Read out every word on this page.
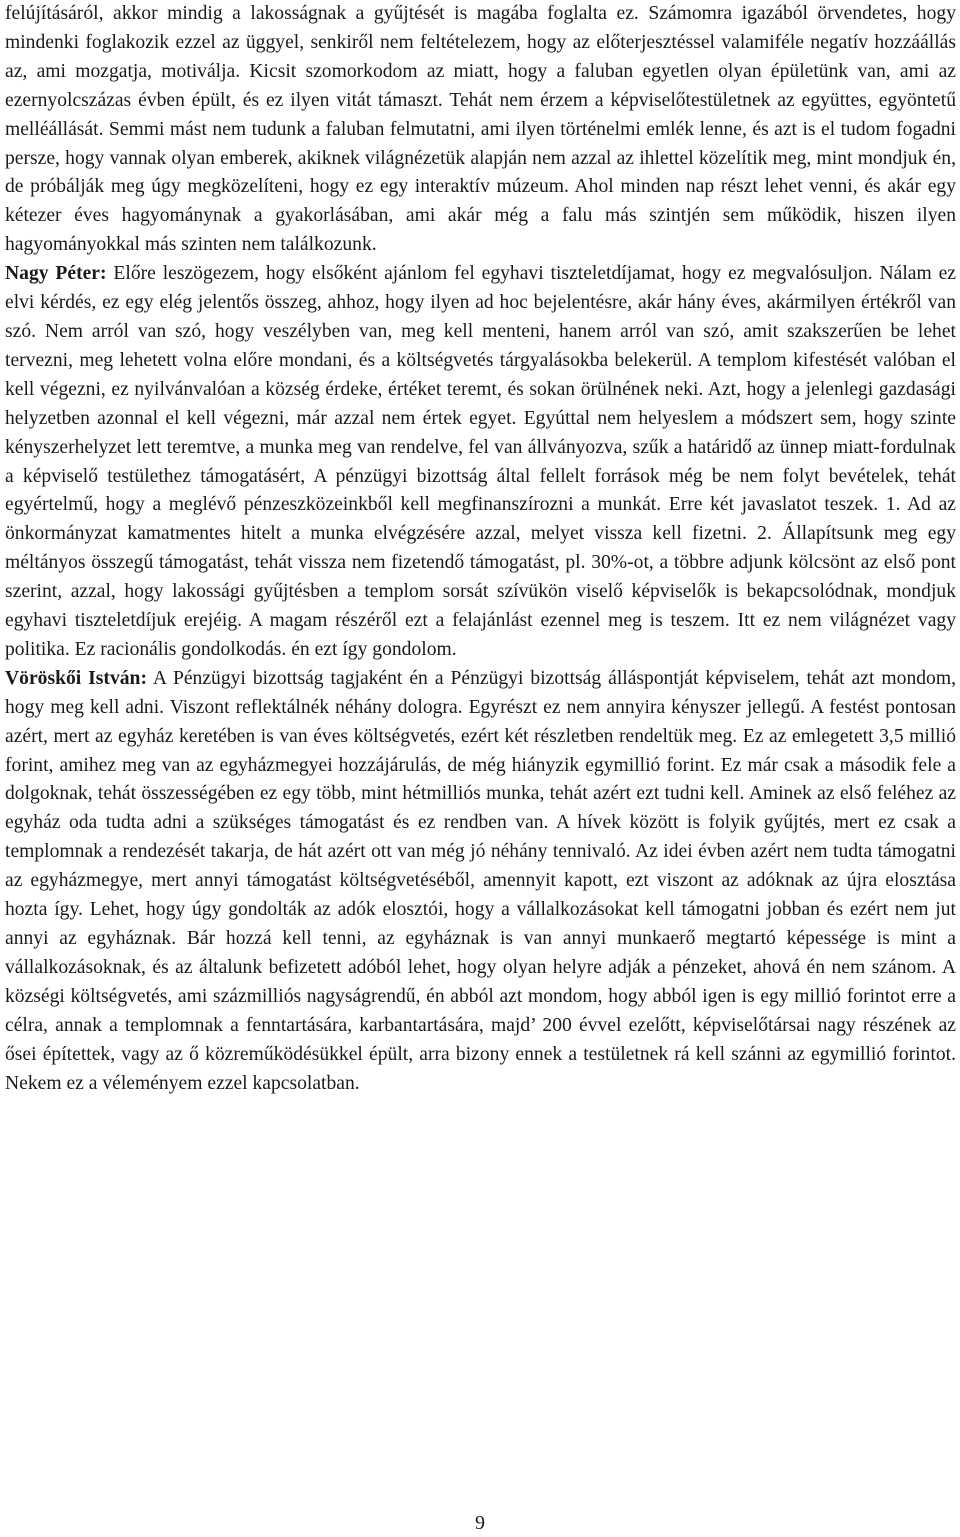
felújításáról, akkor mindig a lakosságnak a gyűjtését is magába foglalta ez. Számomra igazából örvendetes, hogy mindenki foglakozik ezzel az üggyel, senkiről nem feltételezem, hogy az előterjesztéssel valamiféle negatív hozzáállás az, ami mozgatja, motiválja. Kicsit szomorkodom az miatt, hogy a faluban egyetlen olyan épületünk van, ami az ezernyolcszázas évben épült, és ez ilyen vitát támaszt. Tehát nem érzem a képviselőtestületnek az együttes, egyöntetű melléállását. Semmi mást nem tudunk a faluban felmutatni, ami ilyen történelmi emlék lenne, és azt is el tudom fogadni persze, hogy vannak olyan emberek, akiknek világnézetük alapján nem azzal az ihlettel közelítik meg, mint mondjuk én, de próbálják meg úgy megközelíteni, hogy ez egy interaktív múzeum. Ahol minden nap részt lehet venni, és akár egy kétezer éves hagyománynak a gyakorlásában, ami akár még a falu más szintjén sem működik, hiszen ilyen hagyományokkal más szinten nem találkozunk.

Nagy Péter: Előre leszögezem, hogy elsőként ajánlom fel egyhavi tiszteletdíjamat, hogy ez megvalósuljon. Nálam ez elvi kérdés, ez egy elég jelentős összeg, ahhoz, hogy ilyen ad hoc bejelentésre, akár hány éves, akármilyen értékről van szó. Nem arról van szó, hogy veszélyben van, meg kell menteni, hanem arról van szó, amit szakszerűen be lehet tervezni, meg lehetett volna előre mondani, és a költségvetés tárgyalásokba belekerül. A templom kifestését valóban el kell végezni, ez nyilvánvalóan a község érdeke, értéket teremt, és sokan örülnének neki. Azt, hogy a jelenlegi gazdasági helyzetben azonnal el kell végezni, már azzal nem értek egyet. Egyúttal nem helyeslem a módszert sem, hogy szinte kényszerhelyzet lett teremtve, a munka meg van rendelve, fel van állványozva, szűk a határidő az ünnep miatt-fordulnak a képviselő testülethez támogatásért, A pénzügyi bizottság által fellelt források még be nem folyt bevételek, tehát egyértelmű, hogy a meglévő pénzeszközeinkből kell megfinanszírozni a munkát. Erre két javaslatot teszek. 1. Ad az önkormányzat kamatmentes hitelt a munka elvégzésére azzal, melyet vissza kell fizetni. 2. Állapítsunk meg egy méltányos összegű támogatást, tehát vissza nem fizetendő támogatást, pl. 30%-ot, a többre adjunk kölcsönt az első pont szerint, azzal, hogy lakossági gyűjtésben a templom sorsát szívükön viselő képviselők is bekapcsolódnak, mondjuk egyhavi tiszteletdíjuk erejéig. A magam részéről ezt a felajánlást ezennel meg is teszem. Itt ez nem világnézet vagy politika. Ez racionális gondolkodás. én ezt így gondolom.

Vöröskői István: A Pénzügyi bizottság tagjaként én a Pénzügyi bizottság álláspontját képviselem, tehát azt mondom, hogy meg kell adni. Viszont reflektálnék néhány dologra. Egyrészt ez nem annyira kényszer jellegű. A festést pontosan azért, mert az egyház keretében is van éves költségvetés, ezért két részletben rendeltük meg. Ez az emlegetett 3,5 millió forint, amihez meg van az egyházmegyei hozzájárulás, de még hiányzik egymillió forint. Ez már csak a második fele a dolgoknak, tehát összességében ez egy több, mint hétmilliós munka, tehát azért ezt tudni kell. Aminek az első feléhez az egyház oda tudta adni a szükséges támogatást és ez rendben van. A hívek között is folyik gyűjtés, mert ez csak a templomnak a rendezését takarja, de hát azért ott van még jó néhány tennivaló. Az idei évben azért nem tudta támogatni az egyházmegye, mert annyi támogatást költségvetéséből, amennyit kapott, ezt viszont az adóknak az újra elosztása hozta így. Lehet, hogy úgy gondolták az adók elosztói, hogy a vállalkozásokat kell támogatni jobban és ezért nem jut annyi az egyháznak. Bár hozzá kell tenni, az egyháznak is van annyi munkaerő megtartó képessége is mint a vállalkozásoknak, és az általunk befizetett adóból lehet, hogy olyan helyre adják a pénzeket, ahová én nem szánom. A községi költségvetés, ami százmilliós nagyságrendű, én abból azt mondom, hogy abból igen is egy millió forintot erre a célra, annak a templomnak a fenntartására, karbantartására, majd’ 200 évvel ezelőtt, képviselőtársai nagy részének az ősei építettek, vagy az ő közreműködésükkel épült, arra bizony ennek a testületnek rá kell szánni az egymillió forintot. Nekem ez a véleményem ezzel kapcsolatban.

9
